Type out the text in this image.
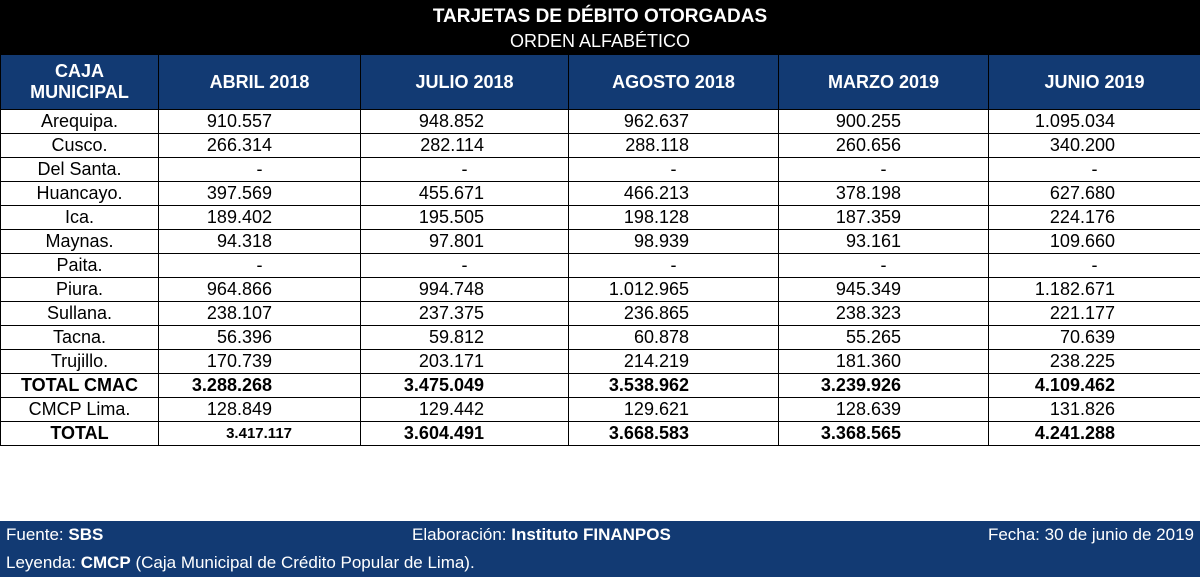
TARJETAS DE DÉBITO OTORGADAS
ORDEN ALFABÉTICO
CAJA
MUNICIPAL	ABRIL 2018	JULIO 2018	AGOSTO 2018	MARZO 2019	JUNIO 2019
Arequipa.	910.557	948.852	962.637	900.255	1.095.034
Cusco.	266.314	282.114	288.118	260.656	340.200
Del Santa.	-	-	-	-	-
Huancayo.	397.569	455.671	466.213	378.198	627.680
Ica.	189.402	195.505	198.128	187.359	224.176
Maynas.	94.318	97.801	98.939	93.161	109.660
Paita.	-	-	-	-	-
Piura.	964.866	994.748	1.012.965	945.349	1.182.671
Sullana.	238.107	237.375	236.865	238.323	221.177
Tacna.	56.396	59.812	60.878	55.265	70.639
Trujillo.	170.739	203.171	214.219	181.360	238.225
TOTAL CMAC	3.288.268	3.475.049	3.538.962	3.239.926	4.109.462
CMCP Lima.	128.849	129.442	129.621	128.639	131.826
TOTAL	3.417.117	3.604.491	3.668.583	3.368.565	4.241.288
Fuente: SBS	Elaboración: Instituto FINANPOS	Fecha: 30 de junio de 2019
Leyenda: CMCP (Caja Municipal de Crédito Popular de Lima).
